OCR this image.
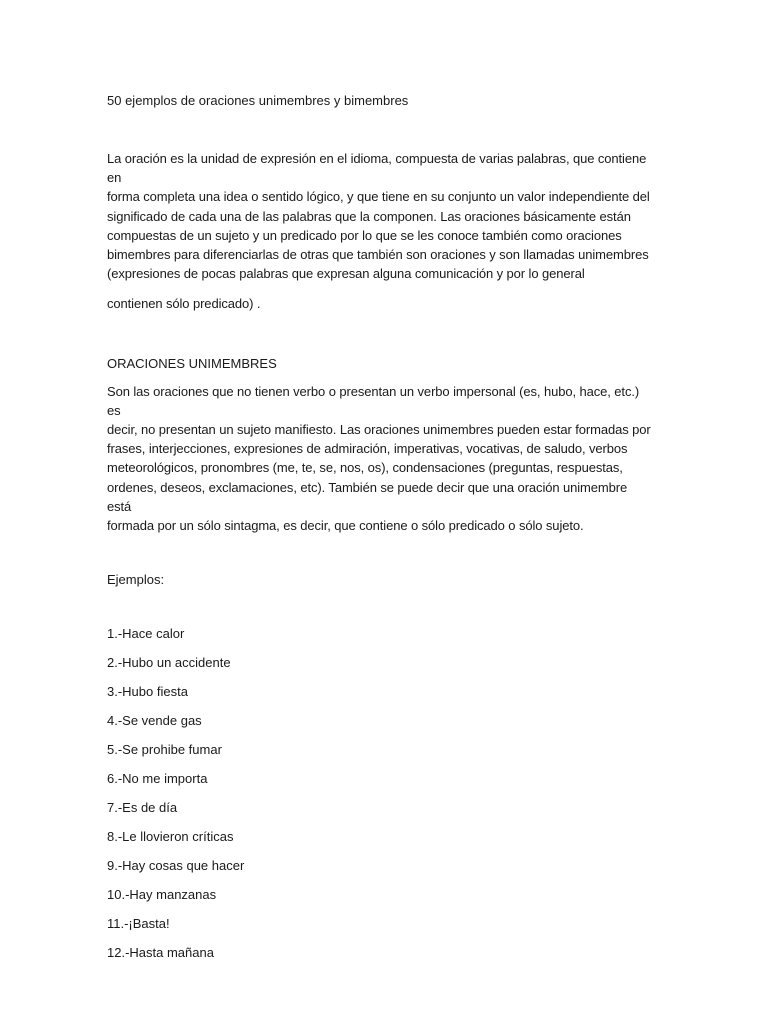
50 ejemplos de oraciones unimembres y bimembres

La oración es la unidad de expresión en el idioma, compuesta de varias palabras, que contiene en

forma completa una idea o sentido lógico, y que tiene en su conjunto un valor independiente del

significado de cada una de las palabras que la componen. Las oraciones básicamente están

compuestas de un sujeto y un predicado por lo que se les conoce también como oraciones

bimembres para diferenciarlas de otras que también son oraciones y son llamadas unimembres

(expresiones de pocas palabras que expresan alguna comunicación y por lo general

contienen sólo predicado) .

ORACIONES UNIMEMBRES

Son las oraciones que no tienen verbo o presentan un verbo impersonal (es, hubo, hace, etc.) es

decir, no presentan un sujeto manifiesto. Las oraciones unimembres pueden estar formadas por

frases, interjecciones, expresiones de admiración, imperativas, vocativas, de saludo, verbos

meteorológicos, pronombres (me, te, se, nos, os), condensaciones (preguntas, respuestas,

ordenes, deseos, exclamaciones, etc). También se puede decir que una oración unimembre está

formada por un sólo sintagma, es decir, que contiene o sólo predicado o sólo sujeto.

Ejemplos:

1.-Hace calor
2.-Hubo un accidente
3.-Hubo fiesta
4.-Se vende gas
5.-Se prohibe fumar
6.-No me importa
7.-Es de día
8.-Le llovieron críticas
9.-Hay cosas que hacer
10.-Hay manzanas
11.-¡Basta!
12.-Hasta mañana
